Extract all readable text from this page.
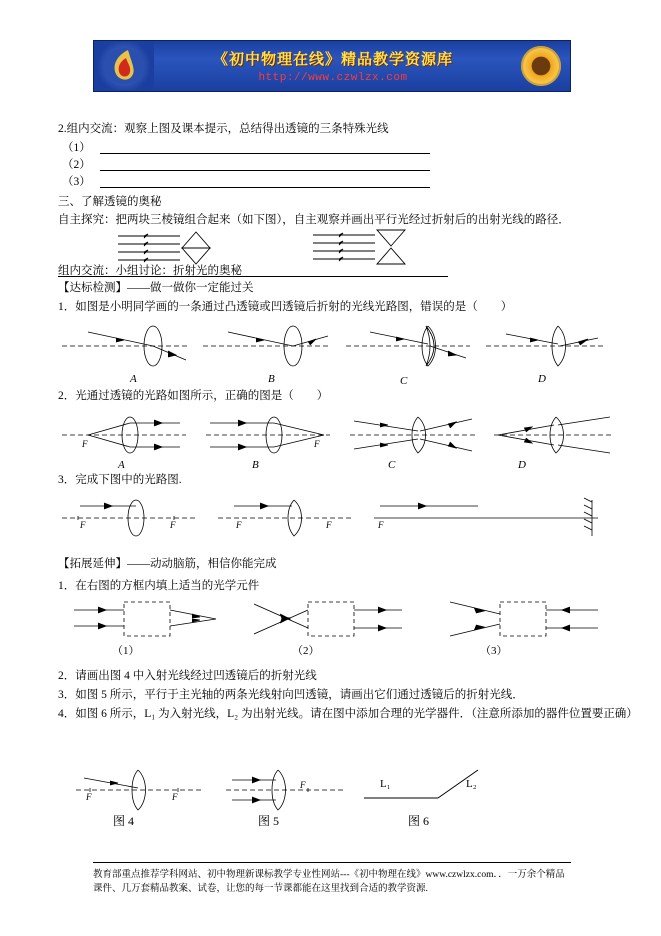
《初中物理在线》精品教学资源库
http://www.czwlzx.com
2.组内交流：观察上图及课本提示，总结得出透镜的三条特殊光线
（1）
（2）
（3）
三、了解透镜的奥秘
自主探究：把两块三棱镜组合起来（如下图），自主观察并画出平行光经过折射后的出射光线的路径．
组内交流：小组讨论：折射光的奥秘
【达标检测】——做一做你一定能过关
1．如图是小明同学画的一条通过凸透镜或凹透镜后折射的光线光路图，错误的是（        ）
A	B	C	D
2．光通过透镜的光路如图所示，正确的图是（        ）
F	F
A	B	C	D
3．完成下图中的光路图.
F	F	F	F	F
【拓展延伸】——动动脑筋，相信你能完成
1．在右图的方框内填上适当的光学元件
（1）	（2）	（3）
2．请画出图 4 中入射光线经过凹透镜后的折射光线
3．如图 5 所示，平行于主光轴的两条光线射向凹透镜，请画出它们通过透镜后的折射光线．
4．如图 6 所示，L₁ 为入射光线，L₂ 为出射光线。请在图中添加合理的光学器件．（注意所添加的器件位置要正确）
F	F
图 4
F
图 5
L₁	L₂
图 6
教育部重点推荐学科网站、初中物理新课标教学专业性网站---《初中物理在线》www.czwlzx.com．．一万余个精品课件、几万套精品教案、试卷，让您的每一节课都能在这里找到合适的教学资源.
